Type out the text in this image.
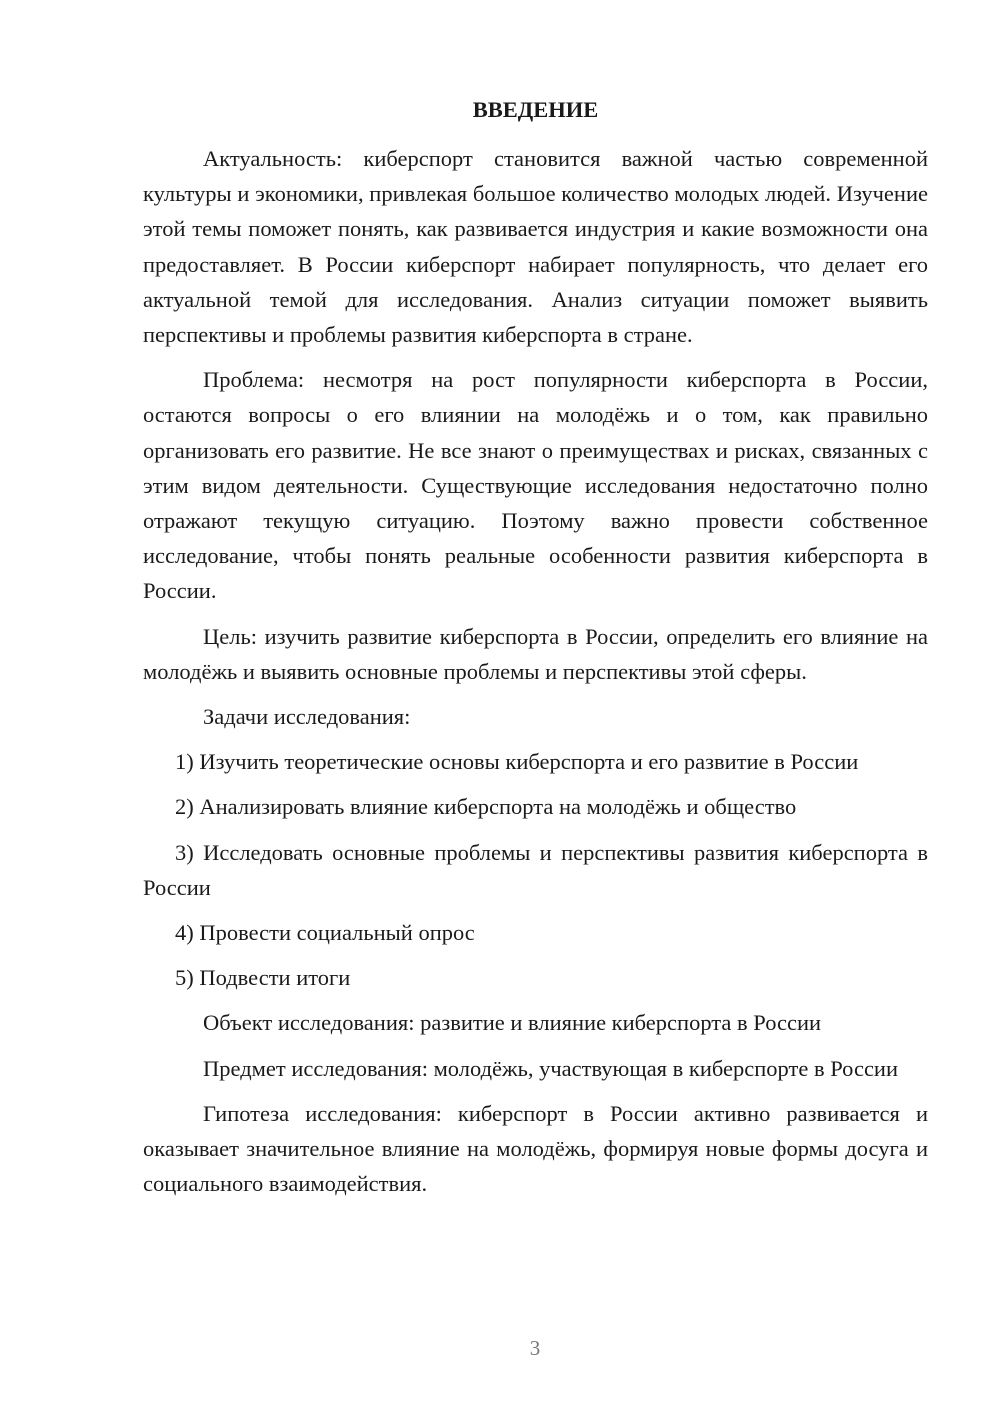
ВВЕДЕНИЕ

Актуальность: киберспорт становится важной частью современной культуры и экономики, привлекая большое количество молодых людей. Изучение этой темы поможет понять, как развивается индустрия и какие возможности она предоставляет. В России киберспорт набирает популярность, что делает его актуальной темой для исследования. Анализ ситуации поможет выявить перспективы и проблемы развития киберспорта в стране.

Проблема: несмотря на рост популярности киберспорта в России, остаются вопросы о его влиянии на молодёжь и о том, как правильно организовать его развитие. Не все знают о преимуществах и рисках, связанных с этим видом деятельности. Существующие исследования недостаточно полно отражают текущую ситуацию. Поэтому важно провести собственное исследование, чтобы понять реальные особенности развития киберспорта в России.

Цель: изучить развитие киберспорта в России, определить его влияние на молодёжь и выявить основные проблемы и перспективы этой сферы.

Задачи исследования:

1) Изучить теоретические основы киберспорта и его развитие в России

2) Анализировать влияние киберспорта на молодёжь и общество

3) Исследовать основные проблемы и перспективы развития киберспорта в России

4) Провести социальный опрос

5) Подвести итоги

Объект исследования: развитие и влияние киберспорта в России

Предмет исследования: молодёжь, участвующая в киберспорте в России

Гипотеза исследования: киберспорт в России активно развивается и оказывает значительное влияние на молодёжь, формируя новые формы досуга и социального взаимодействия.

3
